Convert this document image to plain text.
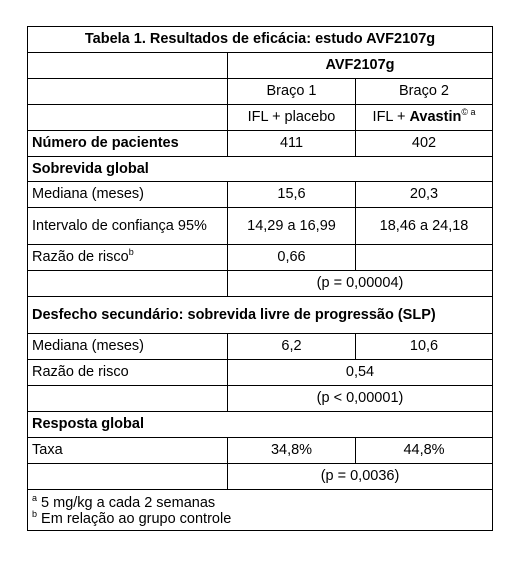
Tabela 1. Resultados de eficácia: estudo AVF2107g		
	AVF2107g	
	Braço 1	Braço 2
	IFL + placebo	IFL + Avastin$^{© a}$
Número de pacientes	411	402
Sobrevida global		
Mediana (meses)	15,6	20,3
Intervalo de confiança 95%	14,29 a 16,99	18,46 a 24,18
Razão de risco$^b$	0,66	
	(p = 0,00004)	
Desfecho secundário: sobrevida livre de progressão (SLP)		
Mediana (meses)	6,2	10,6
Razão de risco	0,54	
	(p < 0,00001)	
Resposta global		
Taxa	34,8%	44,8%
	(p = 0,0036)	

$^a$ 5 mg/kg a cada 2 semanas
$^b$ Em relação ao grupo controle		
